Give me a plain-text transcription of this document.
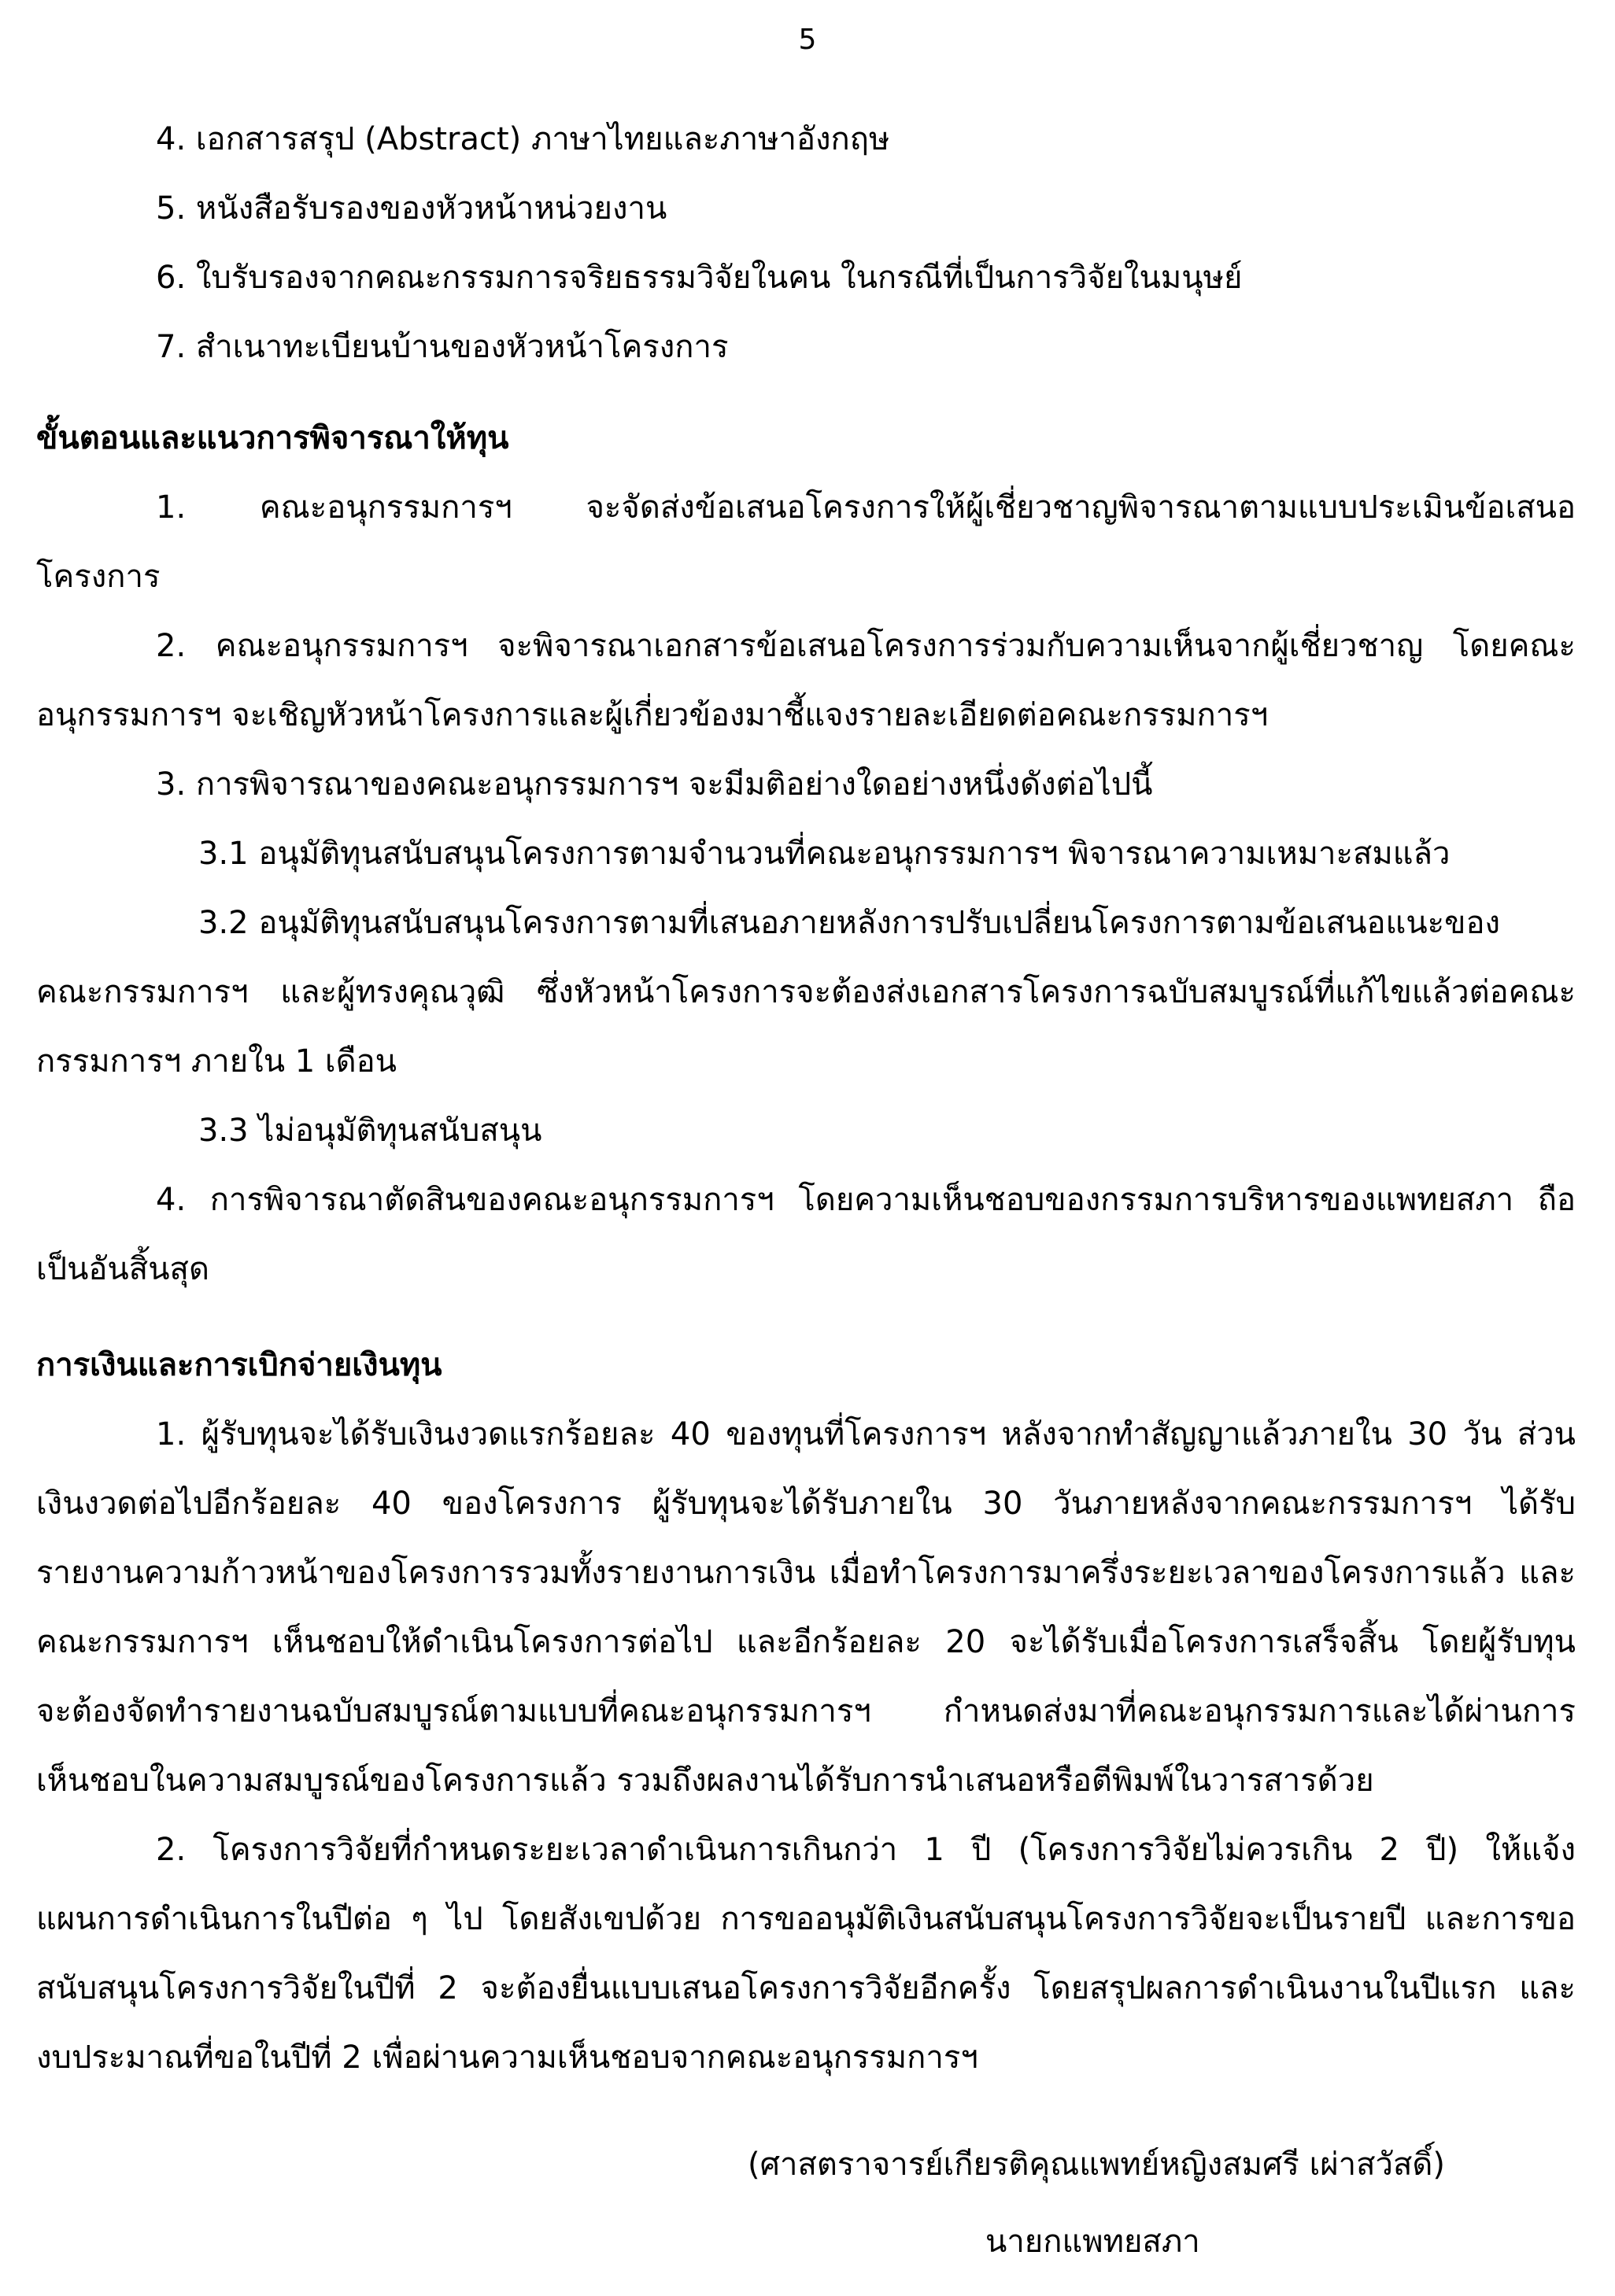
5
4. เอกสารสรุป (Abstract) ภาษาไทยและภาษาอังกฤษ
5. หนังสือรับรองของหัวหน้าหน่วยงาน
6. ใบรับรองจากคณะกรรมการจริยธรรมวิจัยในคน ในกรณีที่เป็นการวิจัยในมนุษย์
7. สำเนาทะเบียนบ้านของหัวหน้าโครงการ
ขั้นตอนและแนวการพิจารณาให้ทุน
1. คณะอนุกรรมการฯ จะจัดส่งข้อเสนอโครงการให้ผู้เชี่ยวชาญพิจารณาตามแบบประเมินข้อเสนอ
โครงการ
2. คณะอนุกรรมการฯ จะพิจารณาเอกสารข้อเสนอโครงการร่วมกับความเห็นจากผู้เชี่ยวชาญ โดยคณะ
อนุกรรมการฯ จะเชิญหัวหน้าโครงการและผู้เกี่ยวข้องมาชี้แจงรายละเอียดต่อคณะกรรมการฯ
3. การพิจารณาของคณะอนุกรรมการฯ จะมีมติอย่างใดอย่างหนึ่งดังต่อไปนี้
3.1 อนุมัติทุนสนับสนุนโครงการตามจำนวนที่คณะอนุกรรมการฯ พิจารณาความเหมาะสมแล้ว
3.2 อนุมัติทุนสนับสนุนโครงการตามที่เสนอภายหลังการปรับเปลี่ยนโครงการตามข้อเสนอแนะของ
คณะกรรมการฯ และผู้ทรงคุณวุฒิ ซึ่งหัวหน้าโครงการจะต้องส่งเอกสารโครงการฉบับสมบูรณ์ที่แก้ไขแล้วต่อคณะ
กรรมการฯ ภายใน 1 เดือน
3.3 ไม่อนุมัติทุนสนับสนุน
4. การพิจารณาตัดสินของคณะอนุกรรมการฯ โดยความเห็นชอบของกรรมการบริหารของแพทยสภา ถือ
เป็นอันสิ้นสุด
การเงินและการเบิกจ่ายเงินทุน
1. ผู้รับทุนจะได้รับเงินงวดแรกร้อยละ 40 ของทุนที่โครงการฯ หลังจากทำสัญญาแล้วภายใน 30 วัน ส่วน
เงินงวดต่อไปอีกร้อยละ 40 ของโครงการ ผู้รับทุนจะได้รับภายใน 30 วันภายหลังจากคณะกรรมการฯ ได้รับ
รายงานความก้าวหน้าของโครงการรวมทั้งรายงานการเงิน เมื่อทำโครงการมาครึ่งระยะเวลาของโครงการแล้ว และ
คณะกรรมการฯ เห็นชอบให้ดำเนินโครงการต่อไป และอีกร้อยละ 20 จะได้รับเมื่อโครงการเสร็จสิ้น โดยผู้รับทุน
จะต้องจัดทำรายงานฉบับสมบูรณ์ตามแบบที่คณะอนุกรรมการฯ กำหนดส่งมาที่คณะอนุกรรมการและได้ผ่านการ
เห็นชอบในความสมบูรณ์ของโครงการแล้ว รวมถึงผลงานได้รับการนำเสนอหรือตีพิมพ์ในวารสารด้วย
2. โครงการวิจัยที่กำหนดระยะเวลาดำเนินการเกินกว่า 1 ปี (โครงการวิจัยไม่ควรเกิน 2 ปี) ให้แจ้ง
แผนการดำเนินการในปีต่อ ๆ ไป โดยสังเขปด้วย การขออนุมัติเงินสนับสนุนโครงการวิจัยจะเป็นรายปี และการขอ
สนับสนุนโครงการวิจัยในปีที่ 2 จะต้องยื่นแบบเสนอโครงการวิจัยอีกครั้ง โดยสรุปผลการดำเนินงานในปีแรก และ
งบประมาณที่ขอในปีที่ 2 เพื่อผ่านความเห็นชอบจากคณะอนุกรรมการฯ
(ศาสตราจารย์เกียรติคุณแพทย์หญิงสมศรี เผ่าสวัสดิ์)
นายกแพทยสภา
